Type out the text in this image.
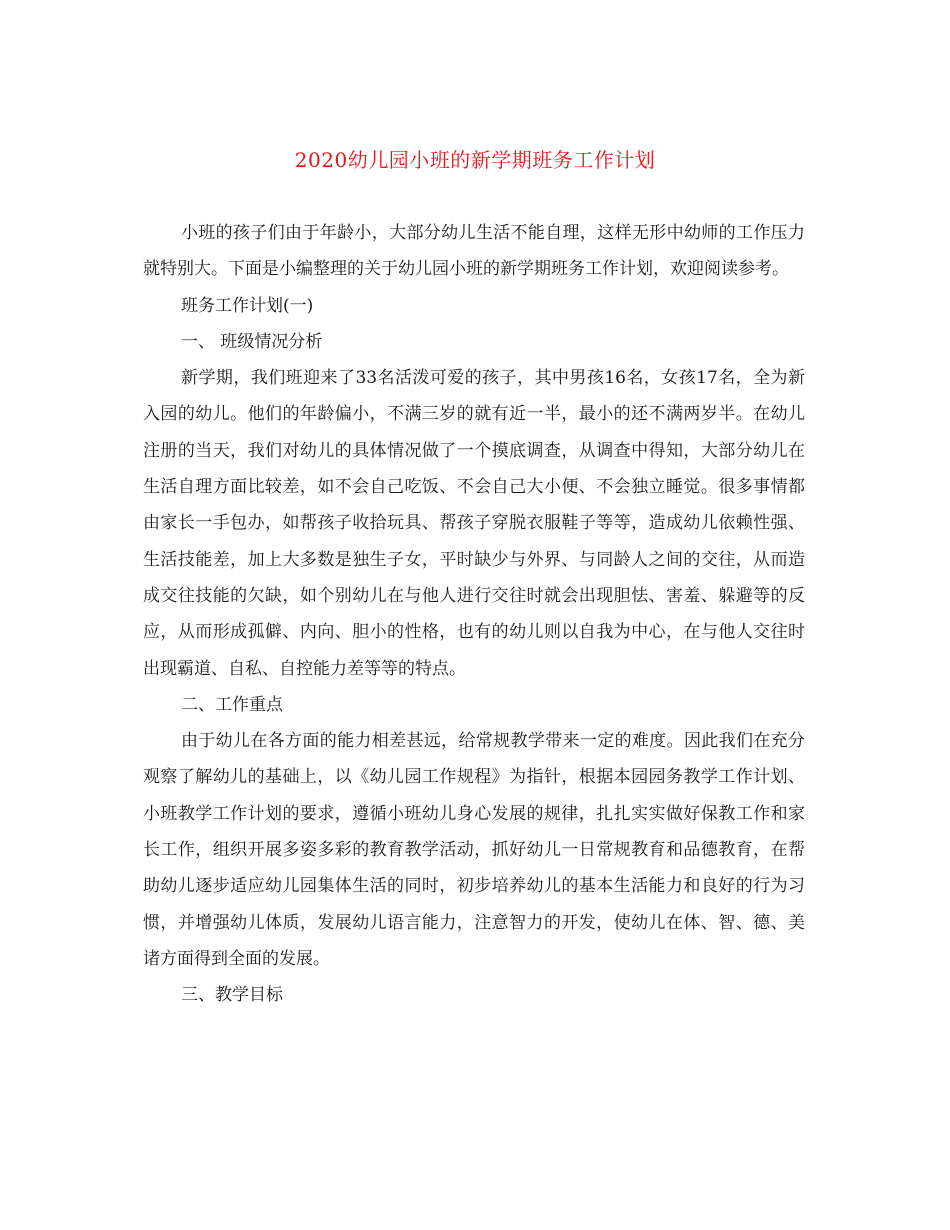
2020幼儿园小班的新学期班务工作计划

小班的孩子们由于年龄小，大部分幼儿生活不能自理，这样无形中幼师的工作压力就特别大。下面是小编整理的关于幼儿园小班的新学期班务工作计划，欢迎阅读参考。

班务工作计划(一)

一、 班级情况分析

新学期，我们班迎来了33名活泼可爱的孩子，其中男孩16名，女孩17名，全为新入园的幼儿。他们的年龄偏小，不满三岁的就有近一半，最小的还不满两岁半。在幼儿注册的当天，我们对幼儿的具体情况做了一个摸底调查，从调查中得知，大部分幼儿在生活自理方面比较差，如不会自己吃饭、不会自己大小便、不会独立睡觉。很多事情都由家长一手包办，如帮孩子收拾玩具、帮孩子穿脱衣服鞋子等等，造成幼儿依赖性强、生活技能差，加上大多数是独生子女，平时缺少与外界、与同龄人之间的交往，从而造成交往技能的欠缺，如个别幼儿在与他人进行交往时就会出现胆怯、害羞、躲避等的反应，从而形成孤僻、内向、胆小的性格，也有的幼儿则以自我为中心，在与他人交往时出现霸道、自私、自控能力差等等的特点。

二、工作重点

由于幼儿在各方面的能力相差甚远，给常规教学带来一定的难度。因此我们在充分观察了解幼儿的基础上，以《幼儿园工作规程》为指针，根据本园园务教学工作计划、小班教学工作计划的要求，遵循小班幼儿身心发展的规律，扎扎实实做好保教工作和家长工作，组织开展多姿多彩的教育教学活动，抓好幼儿一日常规教育和品德教育，在帮助幼儿逐步适应幼儿园集体生活的同时，初步培养幼儿的基本生活能力和良好的行为习惯，并增强幼儿体质，发展幼儿语言能力，注意智力的开发，使幼儿在体、智、德、美诸方面得到全面的发展。

三、教学目标
